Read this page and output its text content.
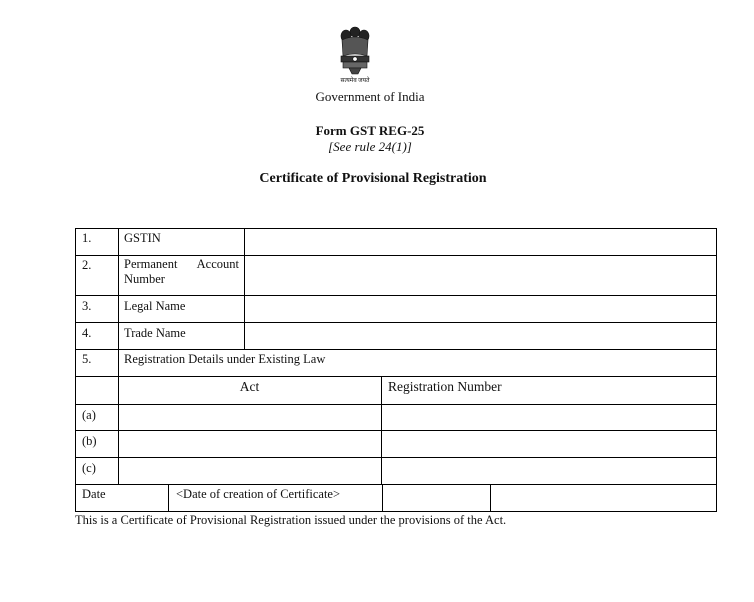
सत्यमेव जयते
Government of India
Form GST REG-25
[See rule 24(1)]
Certificate of Provisional Registration
1.	GSTIN
2.	Permanent Account Number
3.	Legal Name
4.	Trade Name
5.	Registration Details under Existing Law
Act	Registration Number
(a)
(b)
(c)
Date	<Date of creation of Certificate>
This is a Certificate of Provisional Registration issued under the provisions of the Act.
